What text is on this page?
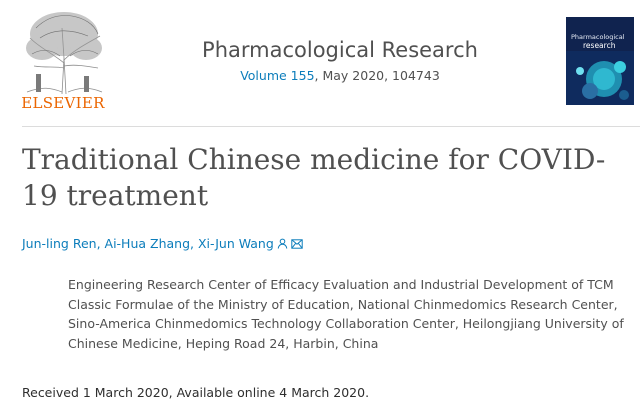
ELSEVIER
Pharmacological Research
Volume 155, May 2020, 104743
Pharmacological
research
Traditional Chinese medicine for COVID-19 treatment
Jun-ling Ren, Ai-Hua Zhang, Xi-Jun Wang

Engineering Research Center of Efficacy Evaluation and Industrial Development of TCM Classic Formulae of the Ministry of Education, National Chinmedomics Research Center, Sino-America Chinmedomics Technology Collaboration Center, Heilongjiang University of Chinese Medicine, Heping Road 24, Harbin, China

Received 1 March 2020, Available online 4 March 2020.
